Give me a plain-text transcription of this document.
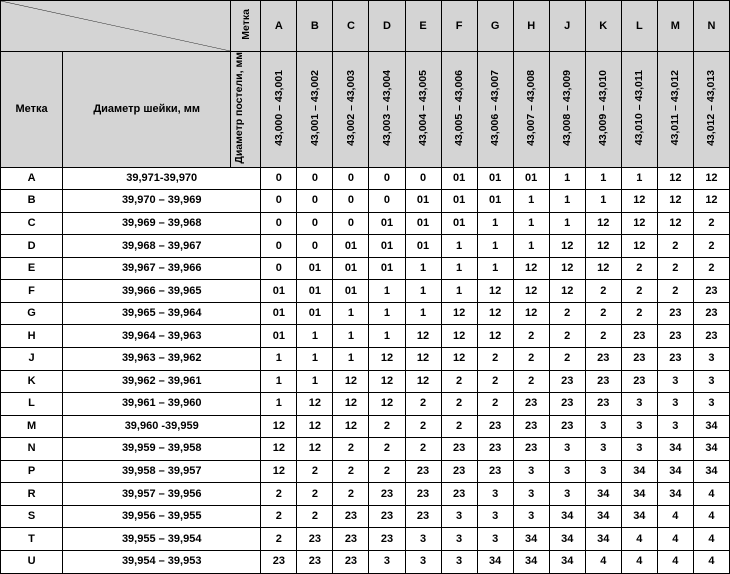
	Метка	A	B	C	D	E	F	G	H	J	K	L	M	N
		Диаметр постели, мм	43,000 – 43,001	43,001 – 43,002	43,002 – 43,003	43,003 – 43,004	43,004 – 43,005	43,005 – 43,006	43,006 – 43,007	43,007 – 43,008	43,008 – 43,009	43,009 – 43,010	43,010 – 43,011	43,011 – 43,012	43,012 – 43,013
Метка	Диаметр шейки, мм														
A	39,971-39,970		0	0	0	0	0	01	01	01	1	1	1	12	12
B	39,970 – 39,969		0	0	0	0	01	01	01	1	1	1	12	12	12
C	39,969 – 39,968		0	0	0	01	01	01	1	1	1	12	12	12	2
D	39,968 – 39,967		0	0	01	01	01	1	1	1	12	12	12	2	2
E	39,967 – 39,966		0	01	01	01	1	1	1	12	12	12	2	2	2
F	39,966 – 39,965		01	01	01	1	1	1	12	12	12	2	2	2	23
G	39,965 – 39,964		01	01	1	1	1	12	12	12	2	2	2	23	23
H	39,964 – 39,963		01	1	1	1	12	12	12	2	2	2	23	23	23
J	39,963 – 39,962		1	1	1	12	12	12	2	2	2	23	23	23	3
K	39,962 – 39,961		1	1	12	12	12	2	2	2	23	23	23	3	3
L	39,961 – 39,960		1	12	12	12	2	2	2	23	23	23	3	3	3
M	39,960 -39,959		12	12	12	2	2	2	23	23	23	3	3	3	34
N	39,959 – 39,958		12	12	2	2	2	23	23	23	3	3	3	34	34
P	39,958 – 39,957		12	2	2	2	23	23	23	3	3	3	34	34	34
R	39,957 – 39,956		2	2	2	23	23	23	3	3	3	34	34	34	4
S	39,956 – 39,955		2	2	23	23	23	3	3	3	34	34	34	4	4
T	39,955 – 39,954		2	23	23	23	3	3	3	34	34	34	4	4	4
U	39,954 – 39,953		23	23	23	3	3	3	34	34	34	4	4	4	4
